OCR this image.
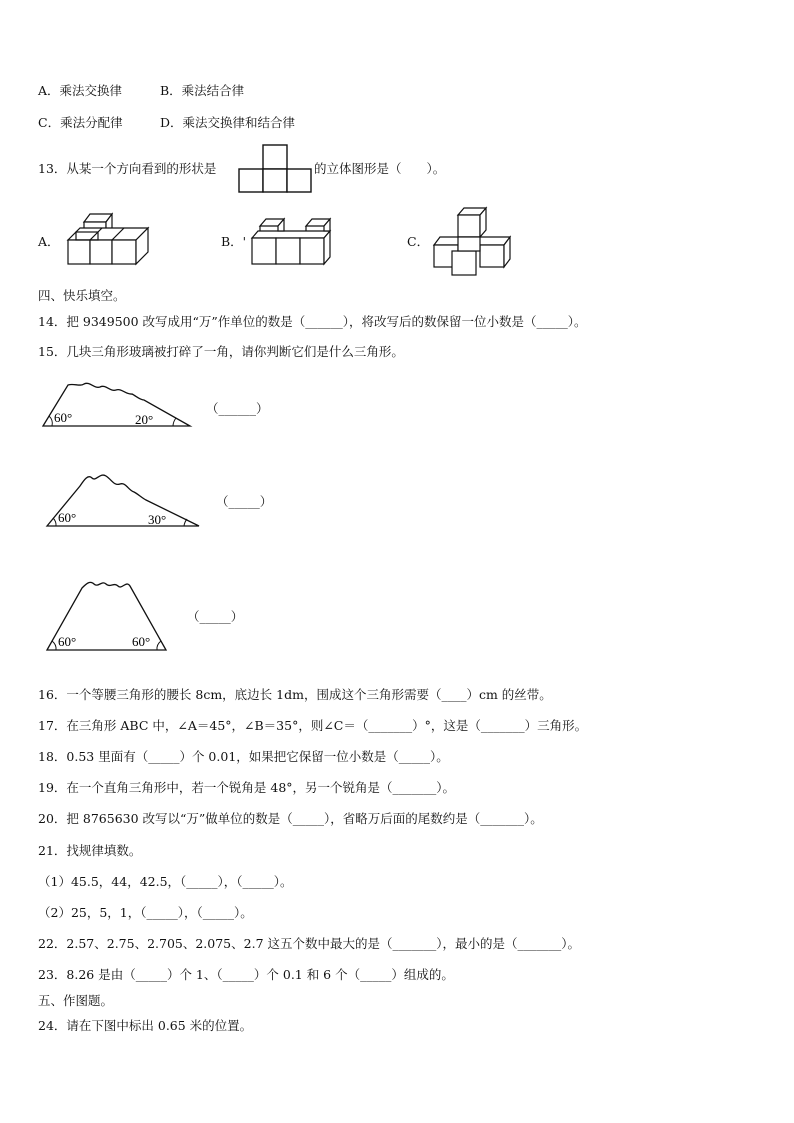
A．乘法交换律	B．乘法结合律
C．乘法分配律	D．乘法交换律和结合律
13．从某一个方向看到的形状是	的立体图形是（　　）。
A．	B．'	C．
四、快乐填空。
14．把 9349500 改写成用“万”作单位的数是（______），将改写后的数保留一位小数是（_____）。
15．几块三角形玻璃被打碎了一角，请你判断它们是什么三角形。
60°	20°
（______）
60°	30°
（_____）
60°	60°
（_____）
16．一个等腰三角形的腰长 8cm，底边长 1dm，围成这个三角形需要（____）cm 的丝带。
17．在三角形 ABC 中，∠A＝45°，∠B＝35°，则∠C＝（_______）°，这是（_______）三角形。
18．0.53 里面有（_____）个 0.01，如果把它保留一位小数是（_____）。
19．在一个直角三角形中，若一个锐角是 48°，另一个锐角是（_______）。
20．把 8765630 改写以“万”做单位的数是（_____），省略万后面的尾数约是（_______）。
21．找规律填数。
（1）45.5，44，42.5，（_____），（_____）。
（2）25，5，1，（_____），（_____）。
22．2.57、2.75、2.705、2.075、2.7 这五个数中最大的是（_______），最小的是（_______）。
23．8.26 是由（_____）个 1、（_____）个 0.1 和 6 个（_____）组成的。
五、作图题。
24．请在下图中标出 0.65 米的位置。
